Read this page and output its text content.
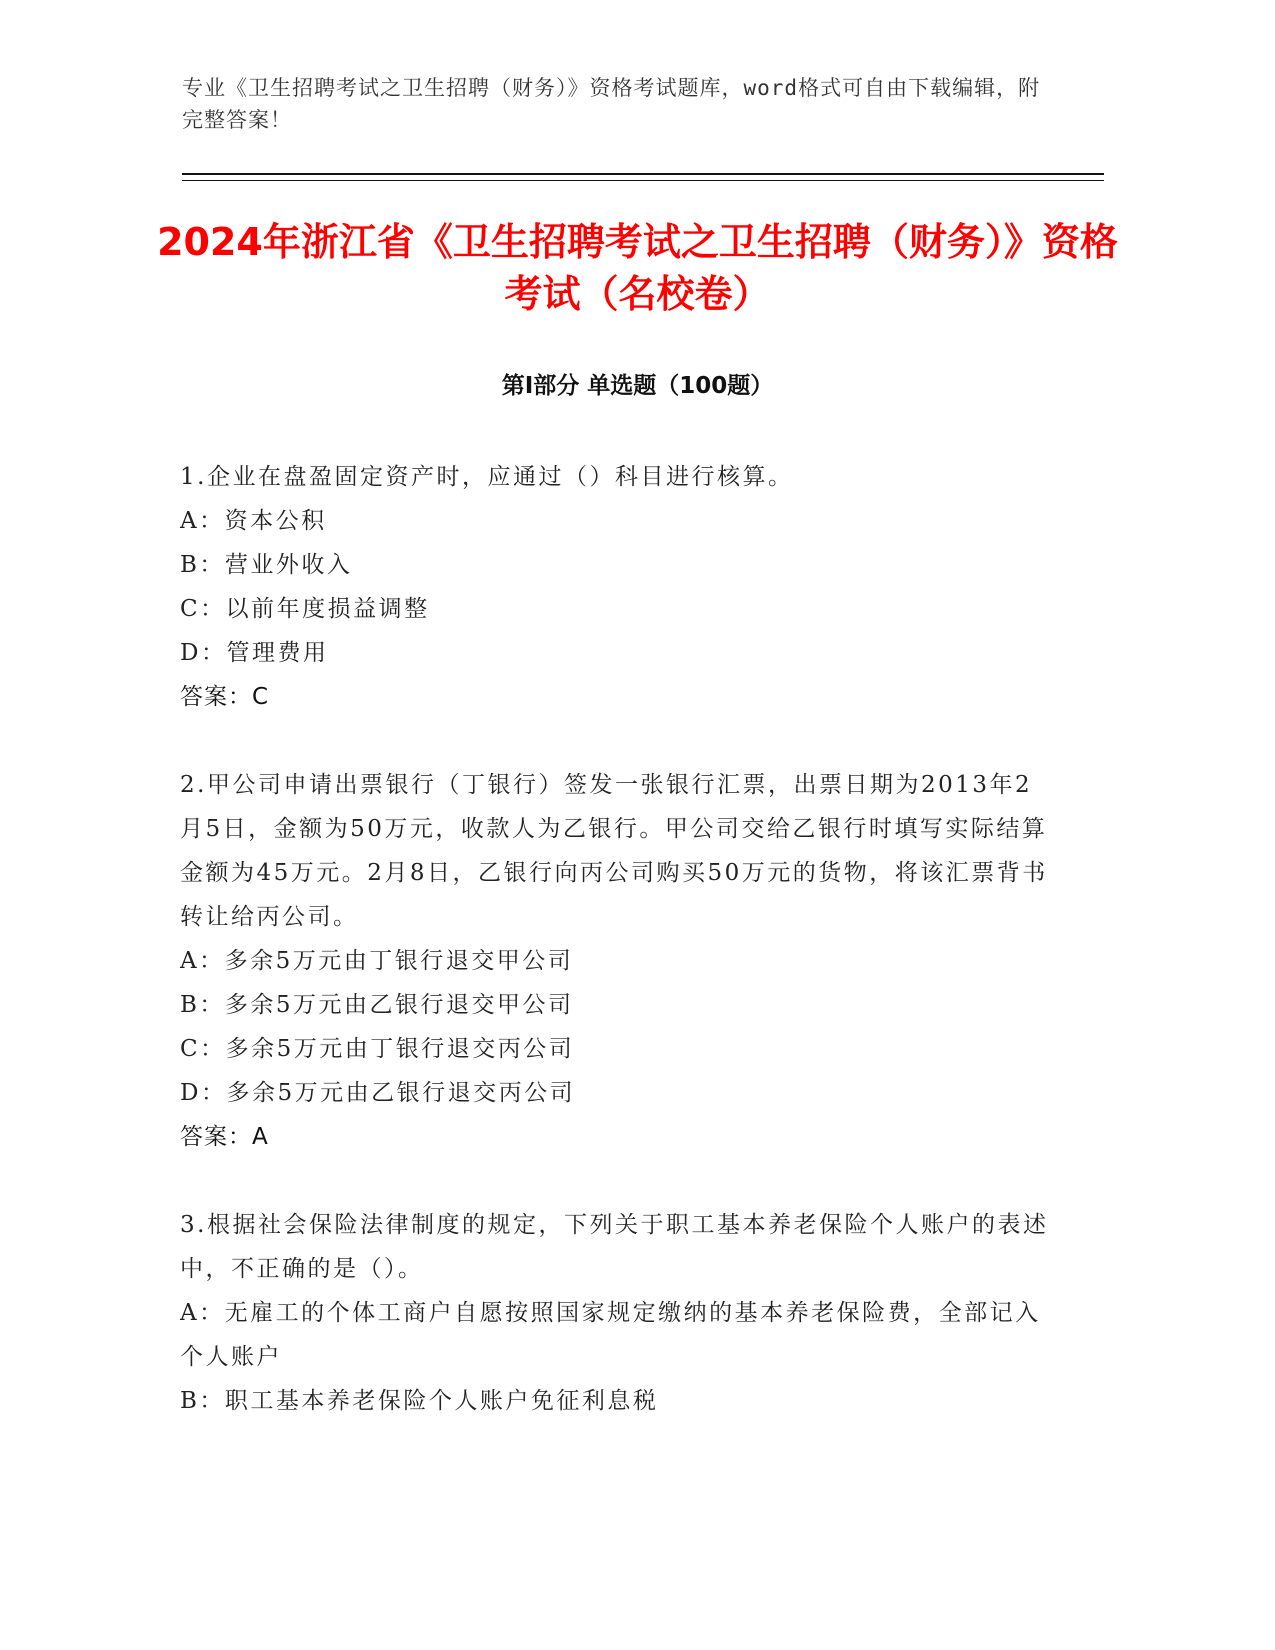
专业《卫生招聘考试之卫生招聘（财务）》资格考试题库，word格式可自由下载编辑，附完整答案！
2024年浙江省《卫生招聘考试之卫生招聘（财务）》资格考试（名校卷）
第Ⅰ部分 单选题（100题）
1.企业在盘盈固定资产时，应通过（）科目进行核算。
A：资本公积
B：营业外收入
C：以前年度损益调整
D：管理费用
答案：C
2.甲公司申请出票银行（丁银行）签发一张银行汇票，出票日期为2013年2月5日，金额为50万元，收款人为乙银行。甲公司交给乙银行时填写实际结算金额为45万元。2月8日，乙银行向丙公司购买50万元的货物，将该汇票背书转让给丙公司。
A：多余5万元由丁银行退交甲公司
B：多余5万元由乙银行退交甲公司
C：多余5万元由丁银行退交丙公司
D：多余5万元由乙银行退交丙公司
答案：A
3.根据社会保险法律制度的规定，下列关于职工基本养老保险个人账户的表述中，不正确的是（）。
A：无雇工的个体工商户自愿按照国家规定缴纳的基本养老保险费，全部记入个人账户
B：职工基本养老保险个人账户免征利息税
